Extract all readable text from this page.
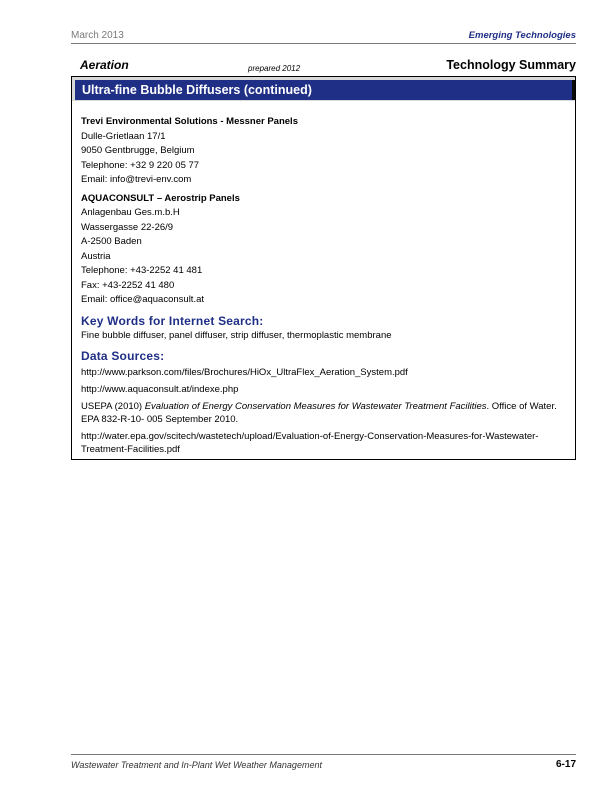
March 2013	Emerging Technologies
Aeration	prepared 2012	Technology Summary
Ultra-fine Bubble Diffusers (continued)
Trevi Environmental Solutions - Messner Panels
Dulle-Grietlaan 17/1
9050 Gentbrugge, Belgium
Telephone: +32 9 220 05 77
Email: info@trevi-env.com
AQUACONSULT – Aerostrip Panels
Anlagenbau Ges.m.b.H
Wassergasse 22-26/9
A-2500 Baden
Austria
Telephone: +43-2252 41 481
Fax: +43-2252 41 480
Email: office@aquaconsult.at
Key Words for Internet Search:
Fine bubble diffuser, panel diffuser, strip diffuser, thermoplastic membrane
Data Sources:
http://www.parkson.com/files/Brochures/HiOx_UltraFlex_Aeration_System.pdf
http://www.aquaconsult.at/indexe.php
USEPA (2010) Evaluation of Energy Conservation Measures for Wastewater Treatment Facilities. Office of Water. EPA 832-R-10- 005 September 2010.
http://water.epa.gov/scitech/wastetech/upload/Evaluation-of-Energy-Conservation-Measures-for-Wastewater-Treatment-Facilities.pdf
Wastewater Treatment and In-Plant Wet Weather Management	6-17
